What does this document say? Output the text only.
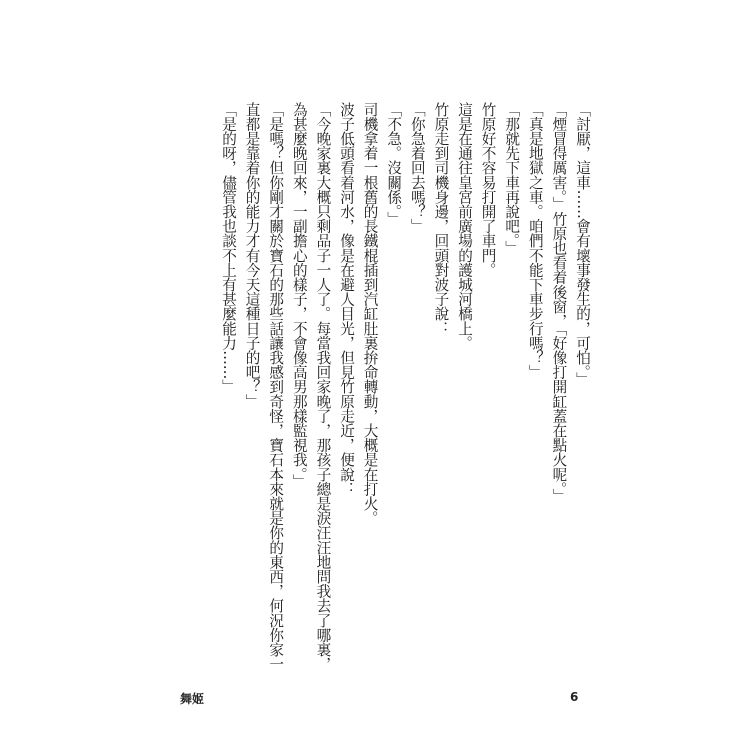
「討厭，這車……會有壞事發生的，可怕。」
「煙冒得厲害。」竹原也看着後窗，「好像打開缸蓋在點火呢。」
「真是地獄之車。咱們不能下車步行嗎？」
「那就先下車再說吧。」
竹原好不容易打開了車門。
這是在通往皇宮前廣場的護城河橋上。
竹原走到司機身邊，回頭對波子說：
「你急着回去嗎？」
「不急。沒關係。」
司機拿着一根舊的長鐵棍插到汽缸肚裏拚命轉動，大概是在打火。
波子低頭看着河水，像是在避人目光，但見竹原走近，便說：
「今晚家裏大概只剩品子一人了。每當我回家晚了，那孩子總是淚汪汪地問我去了哪裏，
為甚麼晚回來，一副擔心的樣子，不會像高男那樣監視我。」
「是嗎？但你剛才關於寶石的那些話讓我感到奇怪，寶石本來就是你的東西，何況你家一
直都是靠着你的能力才有今天這種日子的吧？」
「是的呀，儘管我也談不上有甚麼能力……」
舞姬	6
